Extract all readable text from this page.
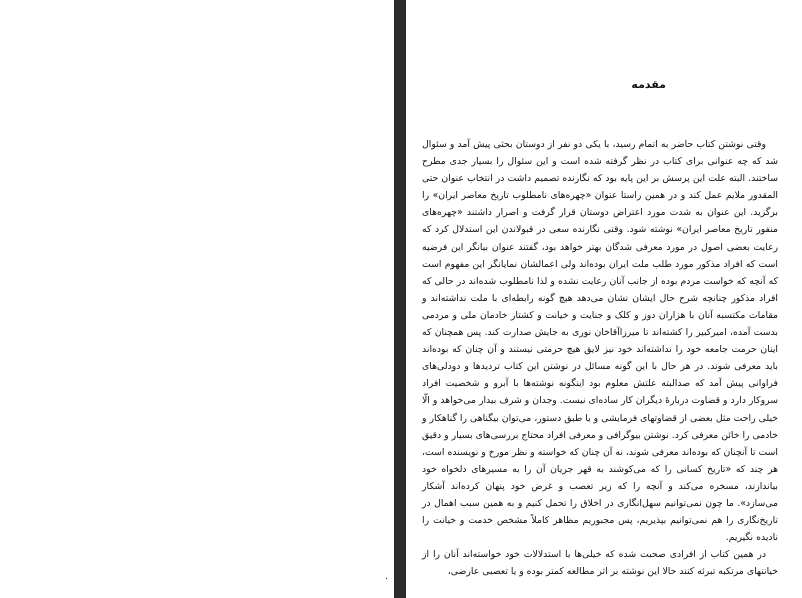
۰
مقدمه

وقتی نوشتن کتاب حاضر به اتمام رسید، با یکی دو نفر از دوستان بحثی پیش آمد و سئوال شد که چه عنوانی برای کتاب در نظر گرفته شده است و این سئوال را بسیار جدی مطرح ساختند. البته علت این پرسش بر این پایه بود که نگارنده تصمیم داشت در انتخاب عنوان حتی المقدور ملایم عمل کند و در همین راستا عنوان «چهره‌های نامطلوب تاریخ معاصر ایران» را برگزید. این عنوان به شدت مورد اعتراض دوستان قرار گرفت و اصرار داشتند «چهره‌های منفور تاریخ معاصر ایران» نوشته شود. وقتی نگارنده سعی در قبولاندن این استدلال کرد که رعایت بعضی اصول در مورد معرفی شدگان بهتر خواهد بود، گفتند عنوان بیانگر این فرضیه است که افراد مذکور مورد طلب ملت ایران بوده‌اند ولی اعمالشان نمایانگر این مفهوم است که آنچه که خواست مردم بوده از جانب آنان رعایت نشده و لذا نامطلوب شده‌اند در حالی که افراد مذکور چنانچه شرح حال ایشان نشان می‌دهد هیچ گونه رابطه‌ای با ملت نداشته‌اند و مقامات مکتسبه آنان با هزاران دوز و کلک و جنایت و خیانت و کشتار خادمان ملی و مردمی بدست آمده، امیرکبیر را کشته‌اند تا میرزاآقاخان نوری به جایش صدارت کند. پس همچنان که اینان حرمت جامعه خود را نداشته‌اند خود نیز لایق هیچ حرمتی نیستند و آن چنان که بوده‌اند باید معرفی شوند. در هر حال با این گونه مسائل در نوشتن این کتاب تردیدها و دودلی‌های فراوانی پیش آمد که صدالبته علتش معلوم بود اینگونه نوشته‌ها با آبرو و شخصیت افراد سروکار دارد و قضاوت دربارهٔ دیگران کار ساده‌ای نیست. وجدان و شرف بیدار می‌خواهد و الّا خیلی راحت مثل بعضی از قضاوتهای فرمایشی و یا طبق دستور، می‌توان بیگناهی را گناهکار و خادمی را خائن معرفی کرد. نوشتن بیوگرافی و معرفی افراد محتاج بررسی‌های بسیار و دقیق است تا آنچنان که بوده‌اند معرفی شوند، نه آن چنان که خواسته و نظر مورخ و نویسنده است، هر چند که «تاریخ کسانی را که می‌کوشند به قهر جریان آن را به مسیرهای دلخواه خود بیاندازند، مسخره می‌کند و آنچه را که زیر تعصب و غرض خود پنهان کرده‌اند آشکار می‌سازد». ما چون نمی‌توانیم سهل‌انگاری در اخلاق را تحمل کنیم و به همین سبب اهمال در تاریخ‌نگاری را هم نمی‌توانیم بپذیریم، پس مجبوریم مظاهر کاملاً مشخص خدمت و خیانت را نادیده نگیریم.

در همین کتاب از افرادی صحبت شده که خیلی‌ها با استدلالات خود خواسته‌اند آنان را از خیانتهای مرتکبه تبرئه کنند حالا این نوشته بر اثر مطالعه کمتر بوده و یا تعصبی عارضی،
